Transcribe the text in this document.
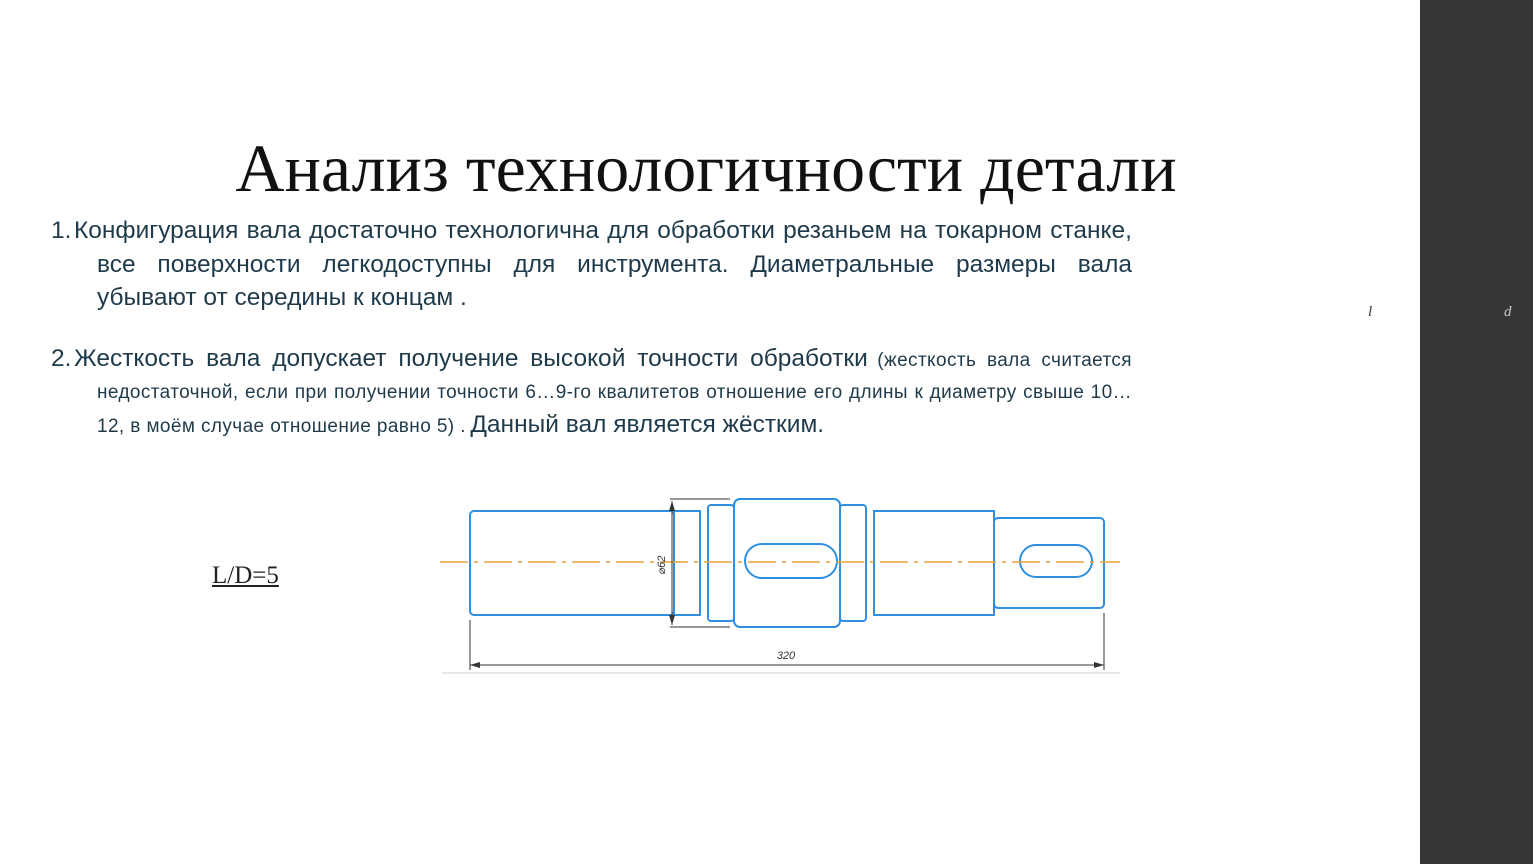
Анализ технологичности детали
1. Конфигурация вала достаточно технологична для обработки резаньем на токарном станке, все поверхности легкодоступны для инструмента. Диаметральные размеры вала убывают от середины к концам .
2. Жесткость вала допускает получение высокой точности обработки (жесткость вала считается недостаточной, если при получении точности 6…9-го квалитетов отношение его длины к диаметру свыше 10…12, в моём случае отношение равно 5) . Данный вал является жёстким.
L/D=5
l
⌀62
320
d
